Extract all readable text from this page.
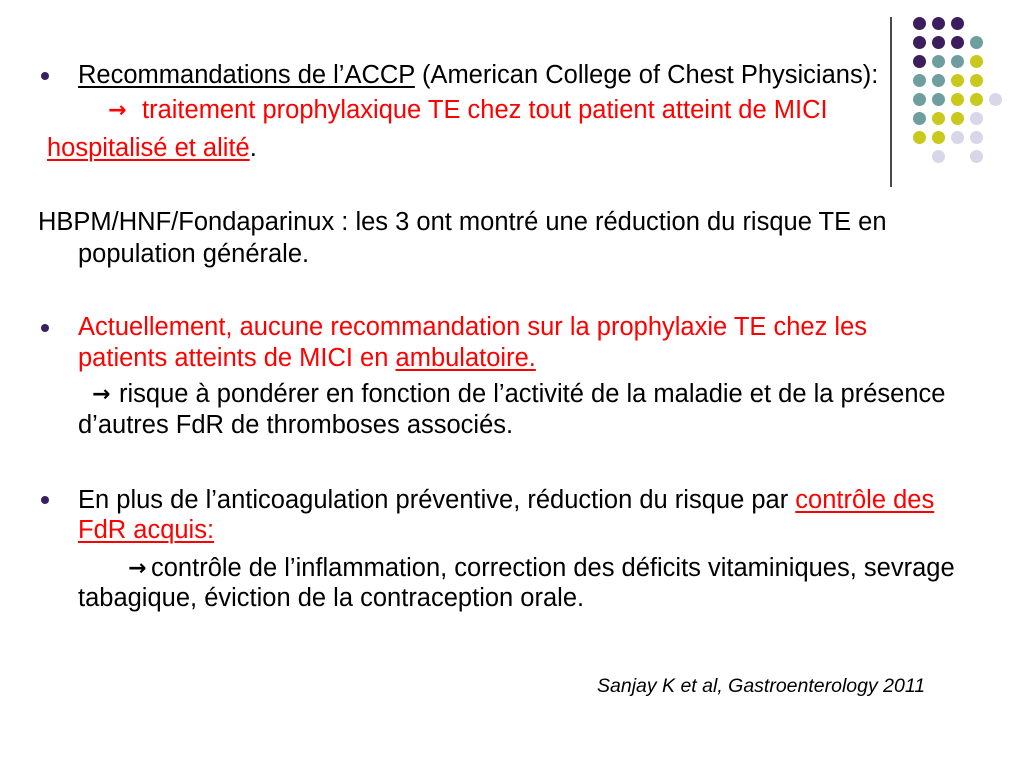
Recommandations de l’ACCP (American College of Chest Physicians):
→ traitement prophylaxique TE chez tout patient atteint de MICI
hospitalisé et alité.
HBPM/HNF/Fondaparinux : les 3 ont montré une réduction du risque TE en
population générale.
Actuellement, aucune recommandation sur la prophylaxie TE chez les
patients atteints de MICI en ambulatoire.
→ risque à pondérer en fonction de l’activité de la maladie et de la présence
d’autres FdR de thromboses associés.
En plus de l’anticoagulation préventive, réduction du risque par contrôle des
FdR acquis:
→ contrôle de l’inflammation, correction des déficits vitaminiques, sevrage
tabagique, éviction de la contraception orale.
Sanjay K et al, Gastroenterology 2011
